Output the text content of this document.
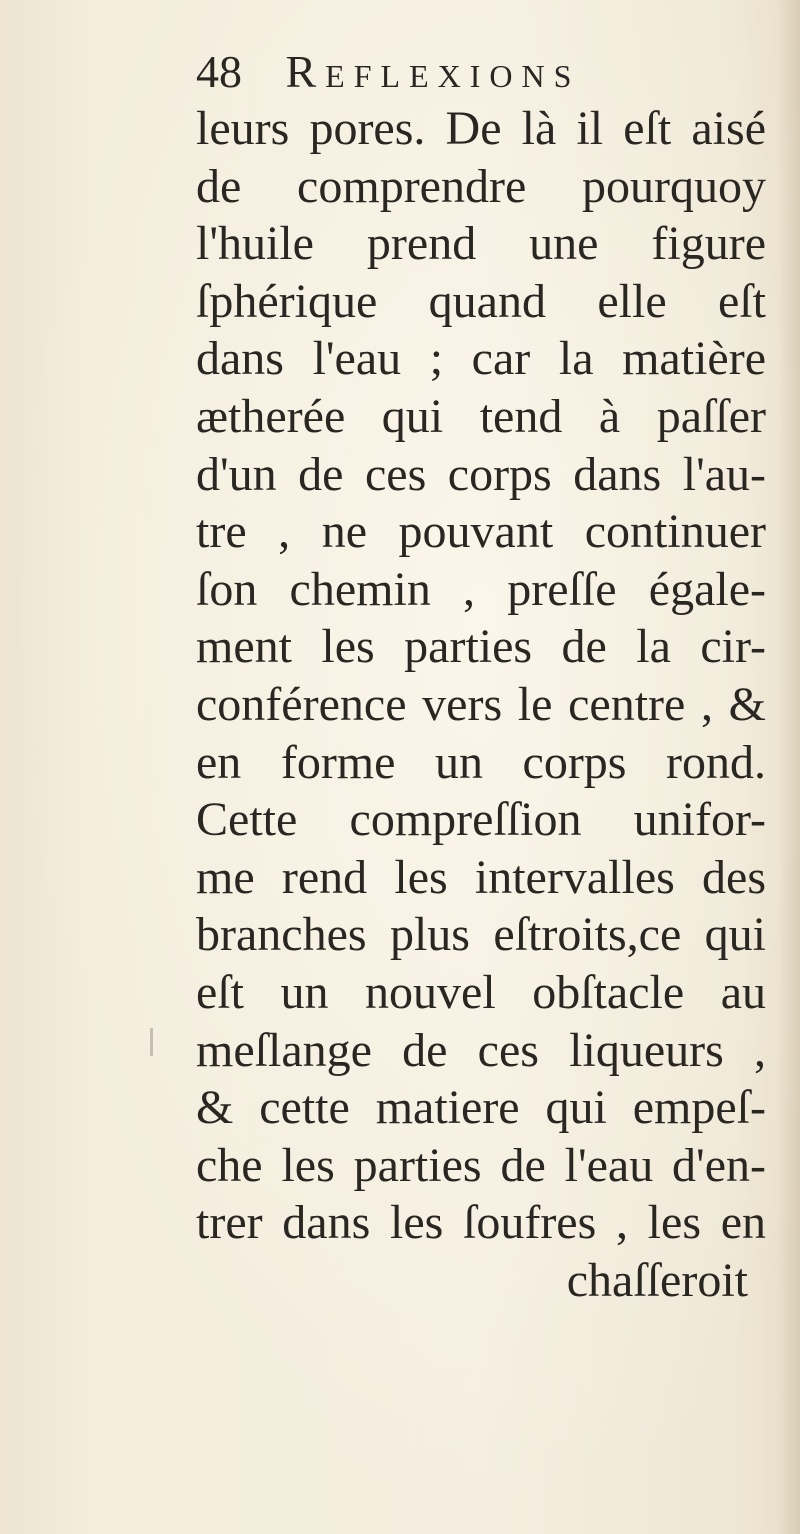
48 Reflexions
leurs pores. De là il eſt aisé
de comprendre pourquoy
l'huile prend une figure
ſphérique quand elle eſt
dans l'eau ; car la matière
ætherée qui tend à paſſer
d'un de ces corps dans l'au-
tre , ne pouvant continuer
ſon chemin , preſſe égale-
ment les parties de la cir-
conférence vers le centre , &
en forme un corps rond.
Cette compreſſion unifor-
me rend les intervalles des
branches plus eſtroits,ce qui
eſt un nouvel obſtacle au
meſlange de ces liqueurs ,
& cette matiere qui empeſ-
che les parties de l'eau d'en-
trer dans les ſoufres , les en
chaſſeroit
